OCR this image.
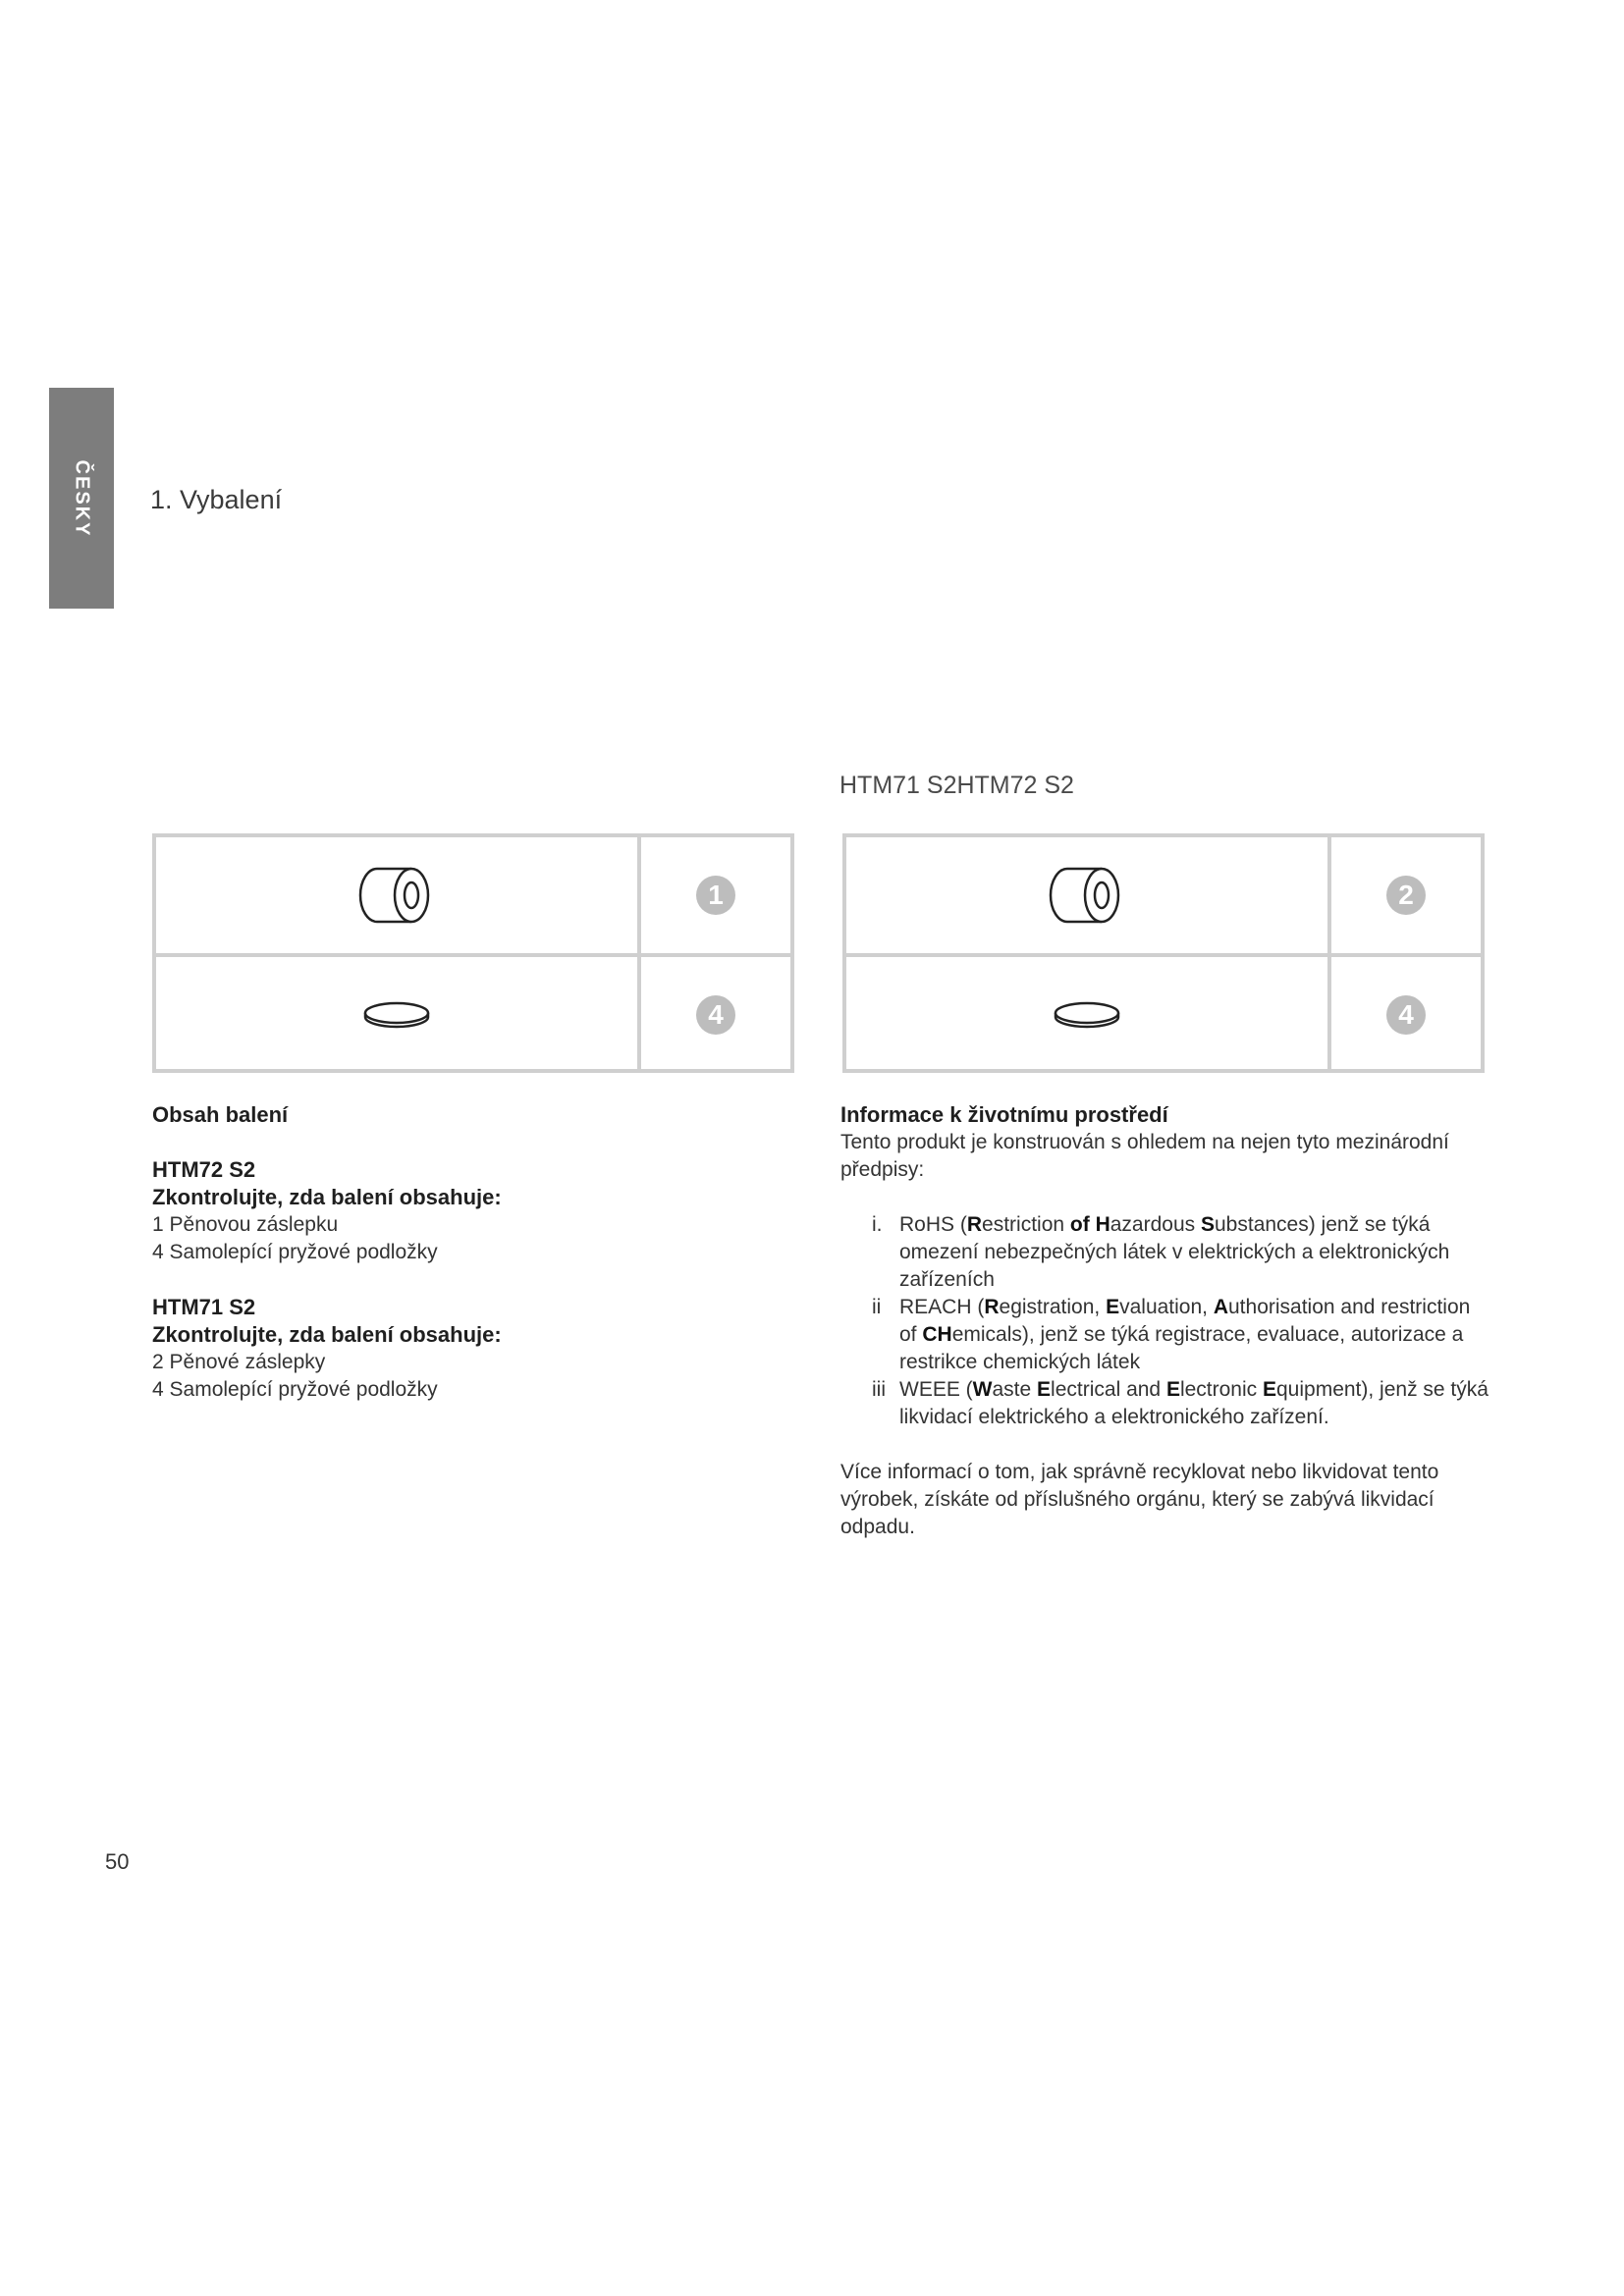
ČESKY 1. Vybalení
HTM71 S2HTM72 S2
1
4
2
4

Obsah balení

HTM72 S2

Zkontrolujte, zda balení obsahuje:

1 Pěnovou záslepku

4 Samolepící pryžové podložky

HTM71 S2

Zkontrolujte, zda balení obsahuje:

2 Pěnové záslepky

4 Samolepící pryžové podložky

Informace k životnímu prostředí

Tento produkt je konstruován s ohledem na nejen tyto mezinárodní předpisy:

i. RoHS (Restriction of Hazardous Substances) jenž se týká omezení nebezpečných látek v elektrických a elektronických zařízeních
ii REACH (Registration, Evaluation, Authorisation and restriction of CHemicals), jenž se týká registrace, evaluace, autorizace a restrikce chemických látek
iii WEEE (Waste Electrical and Electronic Equipment), jenž se týká likvidací elektrického a elektronického zařízení.

Více informací o tom, jak správně recyklovat nebo likvidovat tento výrobek, získáte od příslušného orgánu, který se zabývá likvidací odpadu.

50
